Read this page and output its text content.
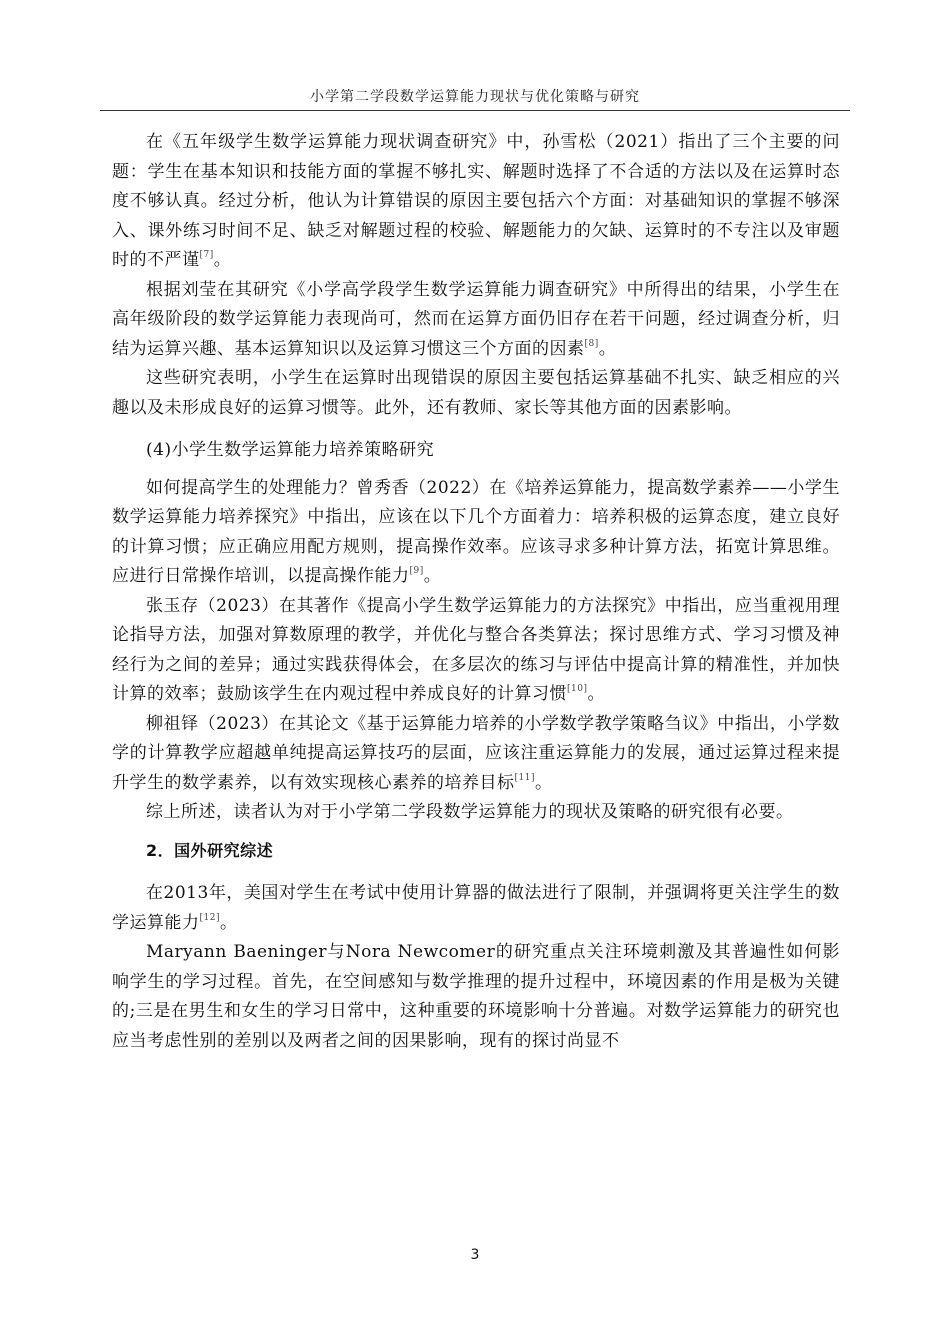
小学第二学段数学运算能力现状与优化策略与研究

在《五年级学生数学运算能力现状调查研究》中，孙雪松（2021）指出了三个主要的问题：学生在基本知识和技能方面的掌握不够扎实、解题时选择了不合适的方法以及在运算时态度不够认真。经过分析，他认为计算错误的原因主要包括六个方面：对基础知识的掌握不够深入、课外练习时间不足、缺乏对解题过程的校验、解题能力的欠缺、运算时的不专注以及审题时的不严谨[7]。

根据刘莹在其研究《小学高学段学生数学运算能力调查研究》中所得出的结果，小学生在高年级阶段的数学运算能力表现尚可，然而在运算方面仍旧存在若干问题，经过调查分析，归结为运算兴趣、基本运算知识以及运算习惯这三个方面的因素[8]。

这些研究表明，小学生在运算时出现错误的原因主要包括运算基础不扎实、缺乏相应的兴趣以及未形成良好的运算习惯等。此外，还有教师、家长等其他方面的因素影响。

(4)小学生数学运算能力培养策略研究

如何提高学生的处理能力？曾秀香（2022）在《培养运算能力，提高数学素养——小学生数学运算能力培养探究》中指出，应该在以下几个方面着力：培养积极的运算态度，建立良好的计算习惯；应正确应用配方规则，提高操作效率。应该寻求多种计算方法，拓宽计算思维。应进行日常操作培训，以提高操作能力[9]。

张玉存（2023）在其著作《提高小学生数学运算能力的方法探究》中指出，应当重视用理论指导方法，加强对算数原理的教学，并优化与整合各类算法；探讨思维方式、学习习惯及神经行为之间的差异；通过实践获得体会，在多层次的练习与评估中提高计算的精准性，并加快计算的效率；鼓励该学生在内观过程中养成良好的计算习惯[10]。

柳祖铎（2023）在其论文《基于运算能力培养的小学数学教学策略刍议》中指出，小学数学的计算教学应超越单纯提高运算技巧的层面，应该注重运算能力的发展，通过运算过程来提升学生的数学素养，以有效实现核心素养的培养目标[11]。

综上所述，读者认为对于小学第二学段数学运算能力的现状及策略的研究很有必要。

2．国外研究综述

在2013年，美国对学生在考试中使用计算器的做法进行了限制，并强调将更关注学生的数学运算能力[12]。

Maryann Baeninger与Nora Newcomer的研究重点关注环境刺激及其普遍性如何影响学生的学习过程。首先，在空间感知与数学推理的提升过程中，环境因素的作用是极为关键的;三是在男生和女生的学习日常中，这种重要的环境影响十分普遍。对数学运算能力的研究也应当考虑性别的差别以及两者之间的因果影响，现有的探讨尚显不

3
